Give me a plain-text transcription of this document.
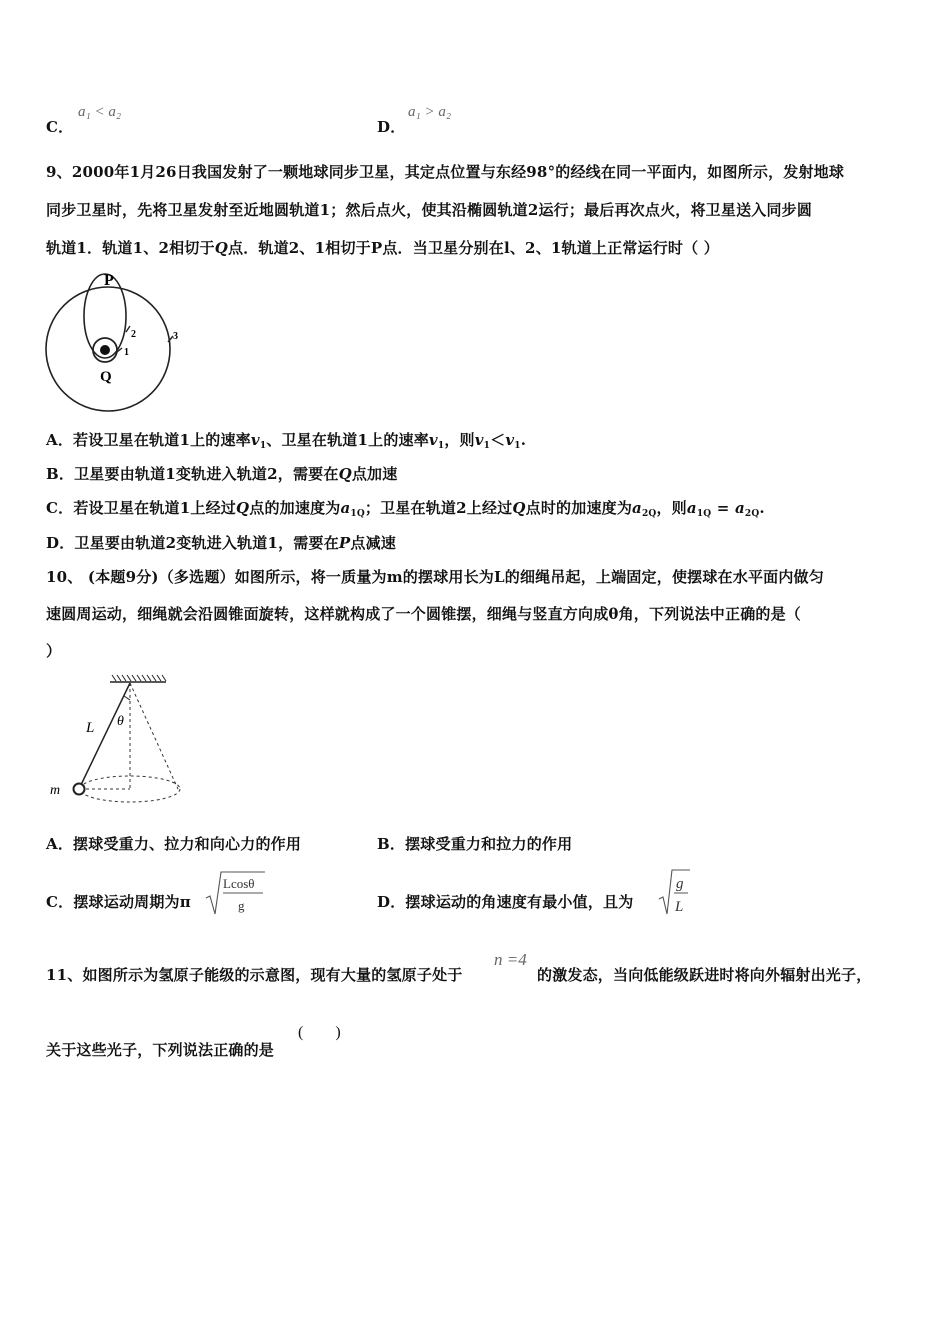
C．
a₁ < a₂
D．
a₁ > a₂
9、2000年1月26日我国发射了一颗地球同步卫星，其定点位置与东经98°的经线在同一平面内，如图所示，发射地球
同步卫星时，先将卫星发射至近地圆轨道1；然后点火，使其沿椭圆轨道2运行；最后再次点火，将卫星送入同步圆
轨道1．轨道1、2相切于Q点．轨道2、1相切于P点．当卫星分别在l、2、1轨道上正常运行时（ ）
P
Q
1
2	3
A．若设卫星在轨道1上的速率$v_1$、卫星在轨道1上的速率$v_1$，则$v_1<v_1$.
B．卫星要由轨道1变轨进入轨道2，需要在Q点加速
C．若设卫星在轨道1上经过Q点的加速度为$a_{1Q}$；卫星在轨道2上经过Q点时的加速度为$a_{2Q}$，则$a_{1Q} = a_{2Q}$.
D．卫星要由轨道2变轨进入轨道1，需要在P点减速
10、 (本题9分)（多选题）如图所示，将一质量为m的摆球用长为L的细绳吊起，上端固定，使摆球在水平面内做匀
速圆周运动，细绳就会沿圆锥面旋转，这样就构成了一个圆锥摆，细绳与竖直方向成θ角，下列说法中正确的是（
）
L θ
m
A．摆球受重力、拉力和向心力的作用	B．摆球受重力和拉力的作用
C．摆球运动周期为π
Lcosθ
g	D．摆球运动的角速度有最小值，且为
g
L
11、如图所示为氢原子能级的示意图，现有大量的氢原子处于
n =4
的激发态，当向低能级跃进时将向外辐射出光子，
关于这些光子，下列说法正确的是
(        )
